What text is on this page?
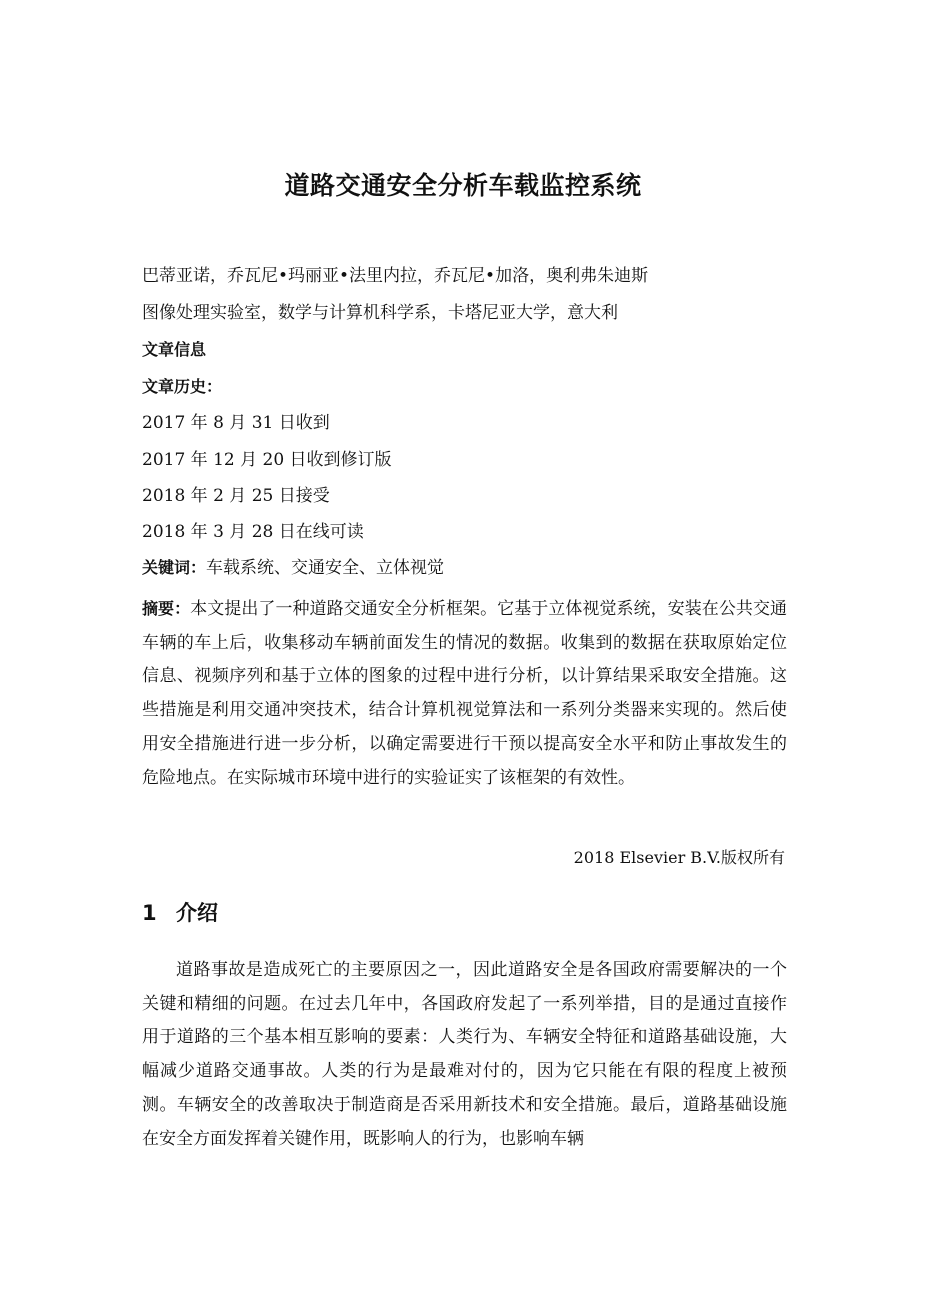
道路交通安全分析车载监控系统
巴蒂亚诺，乔瓦尼•玛丽亚•法里内拉，乔瓦尼•加洛，奥利弗朱迪斯
图像处理实验室，数学与计算机科学系，卡塔尼亚大学，意大利
文章信息
文章历史：
2017 年 8 月 31 日收到
2017 年 12 月 20 日收到修订版
2018 年 2 月 25 日接受
2018 年 3 月 28 日在线可读
关键词：车载系统、交通安全、立体视觉
摘要：本文提出了一种道路交通安全分析框架。它基于立体视觉系统，安装在公共交通车辆的车上后，收集移动车辆前面发生的情况的数据。收集到的数据在获取原始定位信息、视频序列和基于立体的图象的过程中进行分析，以计算结果采取安全措施。这些措施是利用交通冲突技术，结合计算机视觉算法和一系列分类器来实现的。然后使用安全措施进行进一步分析，以确定需要进行干预以提高安全水平和防止事故发生的危险地点。在实际城市环境中进行的实验证实了该框架的有效性。
2018 Elsevier B.V.版权所有
1 介绍
道路事故是造成死亡的主要原因之一，因此道路安全是各国政府需要解决的一个关键和精细的问题。在过去几年中，各国政府发起了一系列举措，目的是通过直接作用于道路的三个基本相互影响的要素：人类行为、车辆安全特征和道路基础设施，大幅减少道路交通事故。人类的行为是最难对付的，因为它只能在有限的程度上被预测。车辆安全的改善取决于制造商是否采用新技术和安全措施。最后，道路基础设施在安全方面发挥着关键作用，既影响人的行为，也影响车辆
